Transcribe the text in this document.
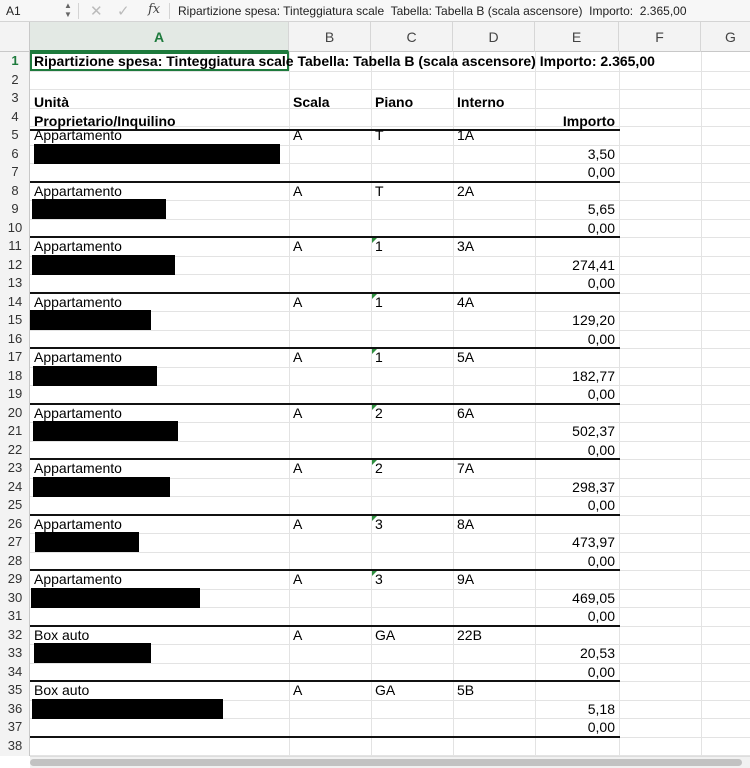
A1	▲
▼ ✕ ✓ fx Ripartizione spesa: Tinteggiatura scale  Tabella: Tabella B (scala ascensore)  Importo:  2.365,00
A	B	C	D	E	F	G
1
2
3
4
5
6
7
8
9
10
11
12
13
14
15
16
17
18
19
20
21
22
23
24
25
26
27
28
29
30
31
32
33
34
35
36
37
38
Ripartizione spesa: Tinteggiatura scale Tabella: Tabella B (scala ascensore) Importo: 2.365,00
Unità	Scala	Piano	Interno
Proprietario/Inquilino	Importo
Appartamento	A	T	1A
3,50
0,00
Appartamento	A	T	2A
5,65
0,00
Appartamento	A	1	3A
274,41
0,00
Appartamento	A	1	4A
129,20
0,00
Appartamento	A	1	5A
182,77
0,00
Appartamento	A	2	6A
502,37
0,00
Appartamento	A	2	7A
298,37
0,00
Appartamento	A	3	8A
473,97
0,00
Appartamento	A	3	9A
469,05
0,00
Box auto	A	GA	22B
20,53
0,00
Box auto	A	GA	5B
5,18
0,00
